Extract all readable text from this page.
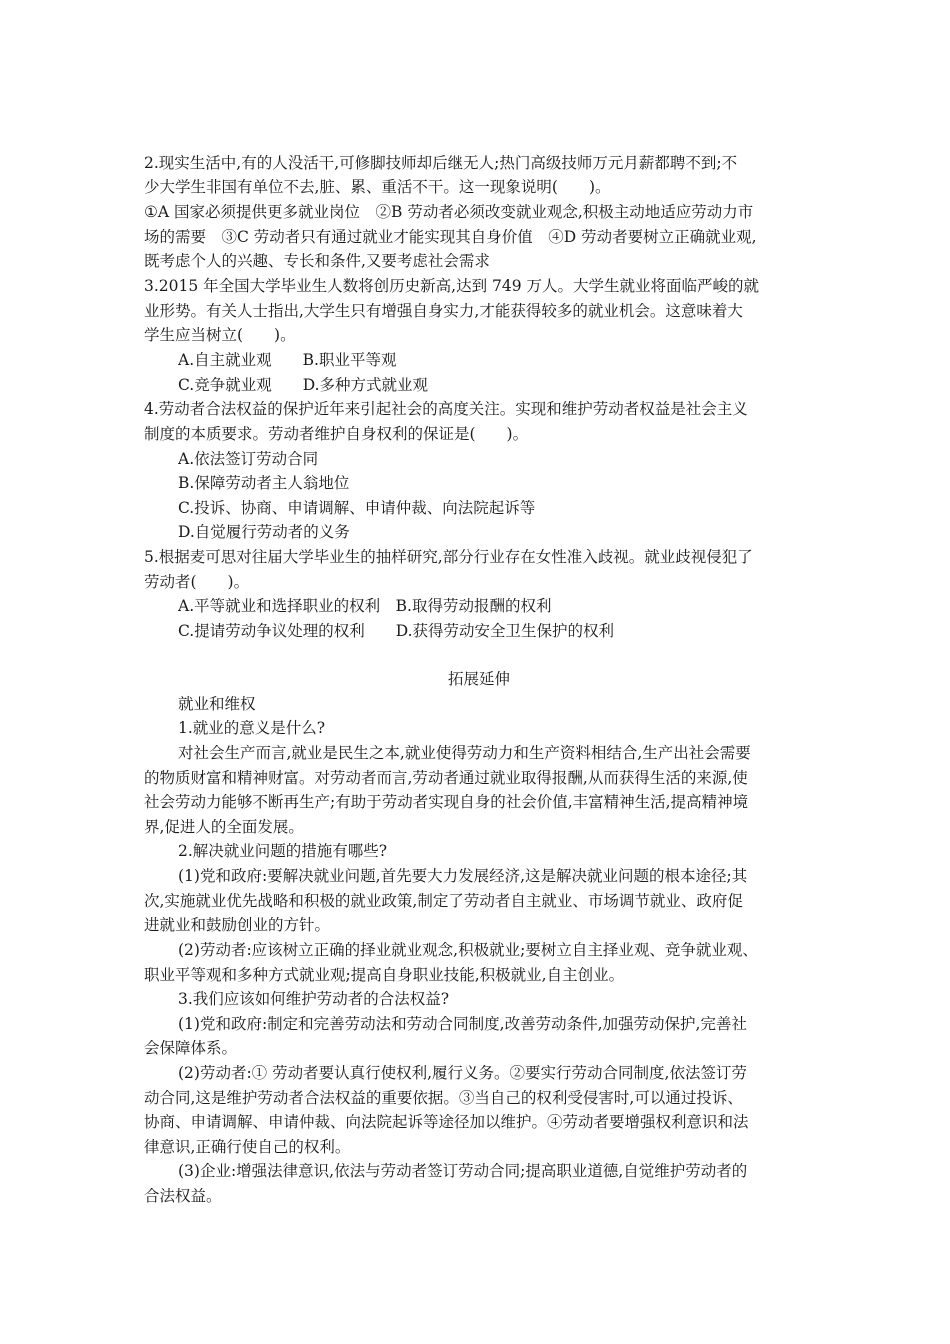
2.现实生活中,有的人没活干,可修脚技师却后继无人;热门高级技师万元月薪都聘不到;不
少大学生非国有单位不去,脏、累、重活不干。这一现象说明(　　)。
①A 国家必须提供更多就业岗位　②B 劳动者必须改变就业观念,积极主动地适应劳动力市
场的需要　③C 劳动者只有通过就业才能实现其自身价值　④D 劳动者要树立正确就业观,
既考虑个人的兴趣、专长和条件,又要考虑社会需求
3.2015 年全国大学毕业生人数将创历史新高,达到 749 万人。大学生就业将面临严峻的就
业形势。有关人士指出,大学生只有增强自身实力,才能获得较多的就业机会。这意味着大
学生应当树立(　　)。
A.自主就业观　　B.职业平等观
C.竞争就业观　　D.多种方式就业观
4.劳动者合法权益的保护近年来引起社会的高度关注。实现和维护劳动者权益是社会主义
制度的本质要求。劳动者维护自身权利的保证是(　　)。
A.依法签订劳动合同
B.保障劳动者主人翁地位
C.投诉、协商、申请调解、申请仲裁、向法院起诉等
D.自觉履行劳动者的义务
5.根据麦可思对往届大学毕业生的抽样研究,部分行业存在女性准入歧视。就业歧视侵犯了
劳动者(　　)。
A.平等就业和选择职业的权利　B.取得劳动报酬的权利
C.提请劳动争议处理的权利　　D.获得劳动安全卫生保护的权利
拓展延伸
就业和维权
1.就业的意义是什么?
对社会生产而言,就业是民生之本,就业使得劳动力和生产资料相结合,生产出社会需要
的物质财富和精神财富。对劳动者而言,劳动者通过就业取得报酬,从而获得生活的来源,使
社会劳动力能够不断再生产;有助于劳动者实现自身的社会价值,丰富精神生活,提高精神境
界,促进人的全面发展。
2.解决就业问题的措施有哪些?
(1)党和政府:要解决就业问题,首先要大力发展经济,这是解决就业问题的根本途径;其
次,实施就业优先战略和积极的就业政策,制定了劳动者自主就业、市场调节就业、政府促
进就业和鼓励创业的方针。
(2)劳动者:应该树立正确的择业就业观念,积极就业;要树立自主择业观、竞争就业观、
职业平等观和多种方式就业观;提高自身职业技能,积极就业,自主创业。
3.我们应该如何维护劳动者的合法权益?
(1)党和政府:制定和完善劳动法和劳动合同制度,改善劳动条件,加强劳动保护,完善社
会保障体系。
(2)劳动者:① 劳动者要认真行使权利,履行义务。②要实行劳动合同制度,依法签订劳
动合同,这是维护劳动者合法权益的重要依据。③当自己的权利受侵害时,可以通过投诉、
协商、申请调解、申请仲裁、向法院起诉等途径加以维护。④劳动者要增强权利意识和法
律意识,正确行使自己的权利。
(3)企业:增强法律意识,依法与劳动者签订劳动合同;提高职业道德,自觉维护劳动者的
合法权益。
